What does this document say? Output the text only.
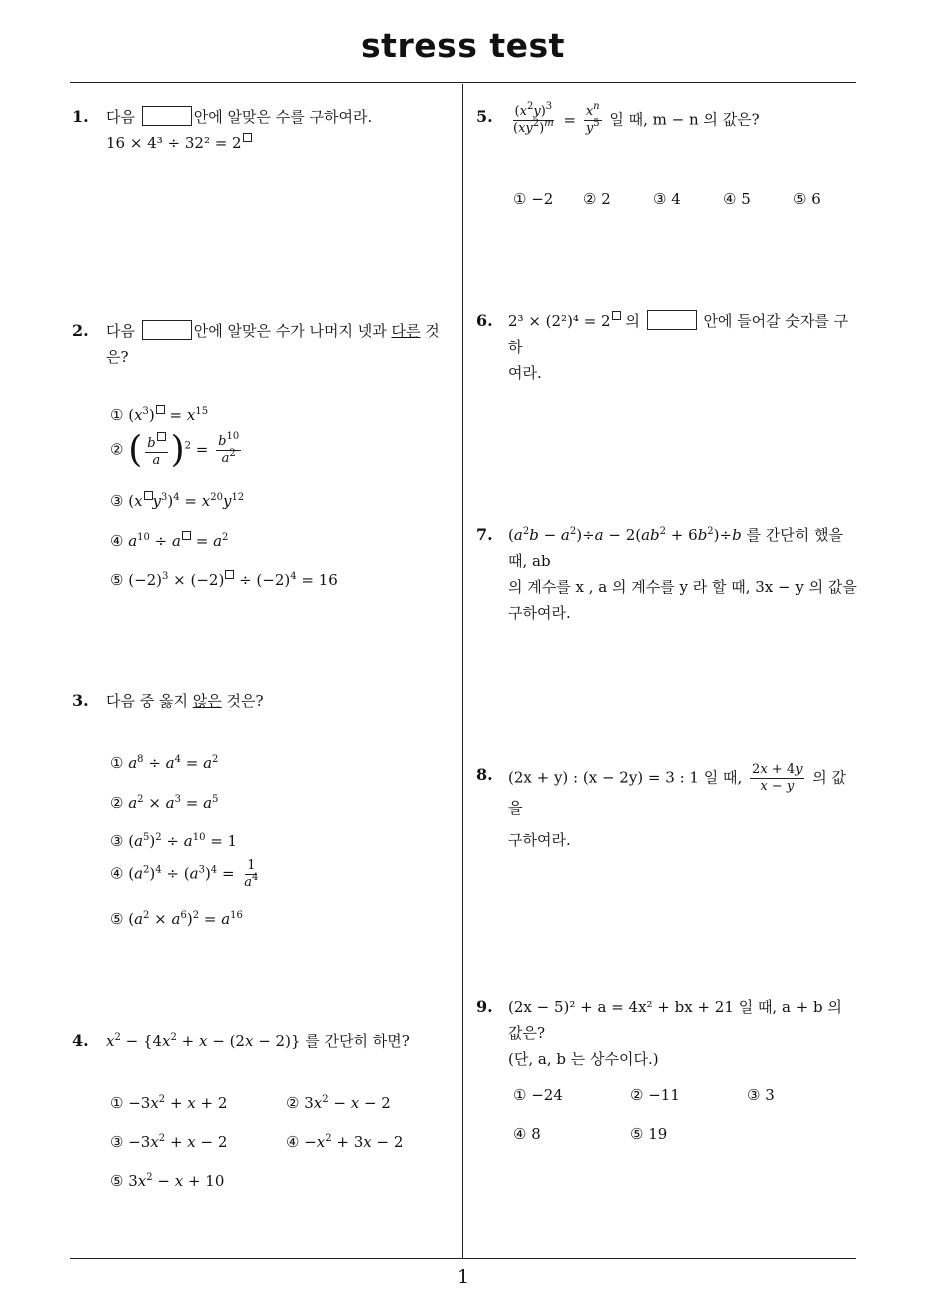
stress test
1
1. 다음	안에 알맞은 수를 구하여라.
16 × 4³ ÷ 32² = 2
2. 다음	안에 알맞은 수가 나머지 넷과 다른 것
은?
① $(x^3) = x^{15}$
② ( $\frac{b}{a} )^2 = \frac{b^{10}}{a^2}$
③ (x $y^3)^4 = x^{20}y^{12}$
④ $a^{10} \div a = a^2$
⑤ $(-2)^3 \times (-2) \div (-2)^4 = 16$
3. 다음 중 옳지 않은 것은?
① $a^8 \div a^4 = a^2$
② $a^2 \times a^3 = a^5$
③ $(a^5)^2 \div a^{10} = 1$
④ $(a^2)^4 \div (a^3)^4 = \frac{1}{a^4}$
⑤ $(a^2 \times a^6)^2 = a^{16}$
4. $x^2 - \{4x^2 + x - (2x - 2)\}$ 를 간단히 하면?
① $-3x^2 + x + 2$	② $3x^2 - x - 2$
③ $-3x^2 + x - 2$	④ $-x^2 + 3x - 2$
⑤ $3x^2 - x + 10$
5. $\frac{(x^2y)^3}{(xy^2)^m} = \frac{x^n}{y^5}$ 일 때, m − n 의 값은?
① −2 ② 2	③ 4	④ 5	⑤ 6
6. 2³ × (2²)⁴ = 2 의	안에 들어갈 숫자를 구하
여라.
7. $(a^2b - a^2)\div a - 2(ab^2 + 6b^2)\div b$ 를 간단히 했을 때, ab
의 계수를 x , a 의 계수를 y 라 할 때, 3x − y 의 값을
구하여라.
8. (2x + y) : (x − 2y) = 3 : 1 일 때, $\frac{2x + 4y}{x - y}$ 의 값을
구하여라.
9. (2x − 5)² + a = 4x² + bx + 21 일 때, a + b 의 값은?
(단, a, b 는 상수이다.)
① −24	② −11	③ 3
④ 8	⑤ 19
